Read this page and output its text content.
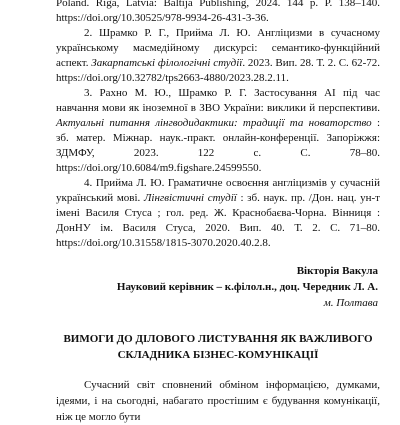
Poland. Riga, Latvia: Baltija Publishing, 2024. 144 p. P. 138–140. https://doi.org/10.30525/978-9934-26-431-3-36.

2. Шрамко Р. Г., Прийма Л. Ю. Англіцизми в сучасному українському масмедійному дискурсі: семантико-функційний аспект. Закарпатські філологічні студії. 2023. Вип. 28. Т. 2. С. 62-72. https://doi.org/10.32782/tps2663-4880/2023.28.2.11.

3. Рахно М. Ю., Шрамко Р. Г. Застосування АІ під час навчання мови як іноземної в ЗВО України: виклики й перспективи. Актуальні питання лінгводидактики: традиції та новаторство : зб. матер. Міжнар. наук.-практ. онлайн-конференції. Запоріжжя: ЗДМФУ, 2023. 122 с. С. 78–80. https://doi.org/10.6084/m9.figshare.24599550.

4. Прийма Л. Ю. Граматичне освоєння англіцизмів у сучасній український мові. Лінгвістичні студії : зб. наук. пр. /Дон. нац. ун-т імені Василя Стуса ; гол. ред. Ж. Краснобаєва-Чорна. Вінниця : ДонНУ ім. Василя Стуса, 2020. Вип. 40. Т. 2. С. 71–80. https://doi.org/10.31558/1815-3070.2020.40.2.8.

Вікторія Вакула
Науковий керівник – к.філол.н., доц. Чередник Л. А.
м. Полтава
ВИМОГИ ДО ДІЛОВОГО ЛИСТУВАННЯ ЯК ВАЖЛИВОГО
СКЛАДНИКА БІЗНЕС-КОМУНІКАЦІЇ

Сучасний світ сповнений обміном інформацією, думками, ідеями, і на сьогодні, набагато простішим є будування комунікації, ніж це могло бути
